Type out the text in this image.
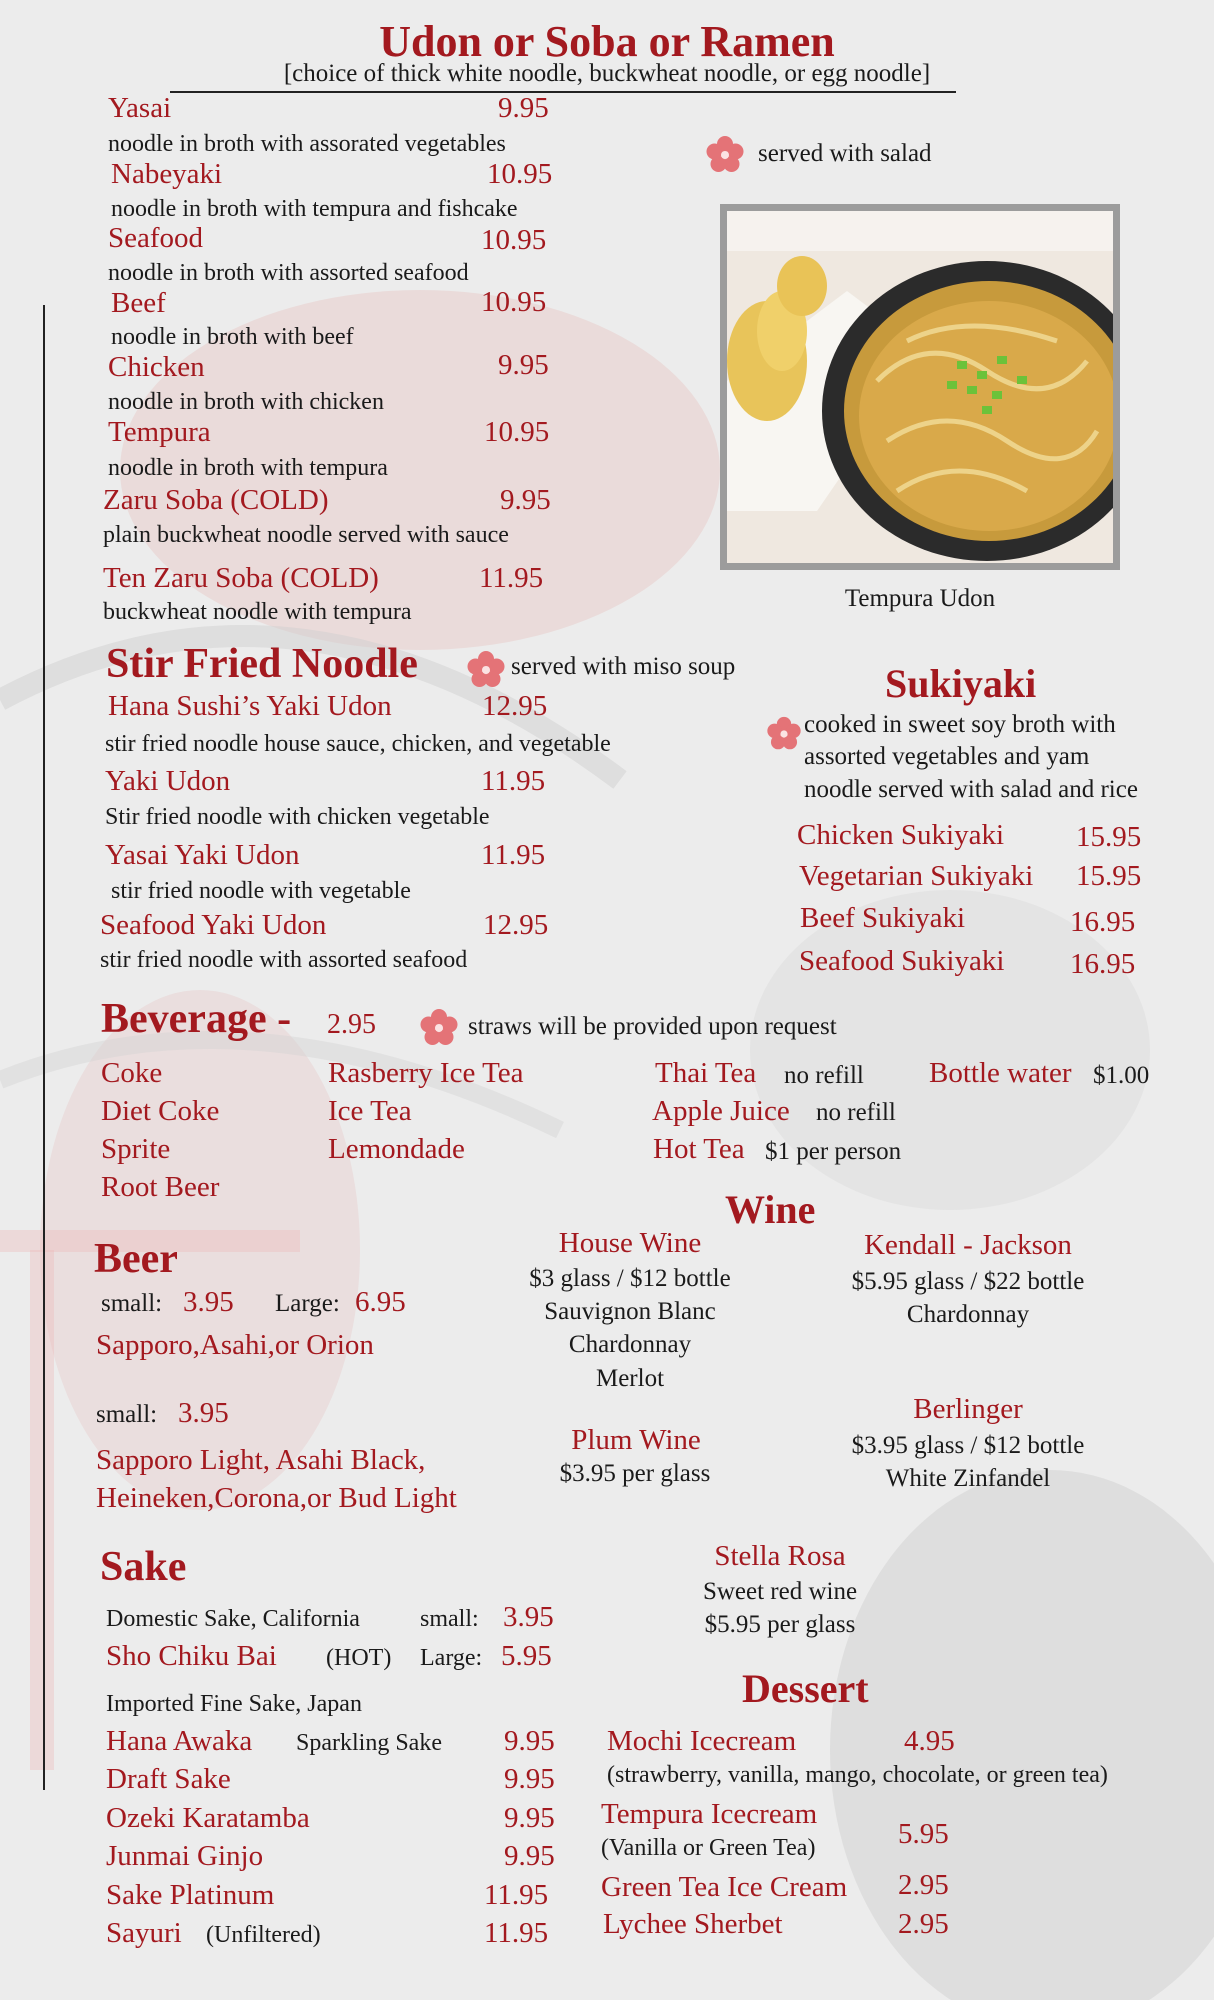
Udon or Soba or Ramen
[choice of thick white noodle, buckwheat noodle, or egg noodle]
Yasai	9.95
noodle in broth with assorated vegetables
Nabeyaki	10.95
noodle in broth with tempura and fishcake
Seafood	10.95
noodle in broth with assorted seafood
Beef	10.95
noodle in broth with beef
Chicken	9.95
noodle in broth with chicken
Tempura	10.95
noodle in broth with tempura
Zaru Soba (COLD)	9.95
plain buckwheat noodle served with sauce
Ten Zaru Soba (COLD)	11.95
buckwheat noodle with tempura
served with salad
Tempura Udon
Stir Fried Noodle	served with miso soup
Hana Sushi’s Yaki Udon	12.95
stir fried noodle house sauce, chicken, and vegetable
Yaki Udon	11.95
Stir fried noodle with chicken vegetable
Yasai Yaki Udon	11.95
stir fried noodle with vegetable
Seafood Yaki Udon	12.95
stir fried noodle with assorted seafood
Sukiyaki
cooked in sweet soy broth with
assorted vegetables and yam
noodle served with salad and rice
Chicken Sukiyaki 15.95
Vegetarian Sukiyaki 15.95
Beef Sukiyaki	16.95
Seafood Sukiyaki 16.95
Beverage - 2.95	straws will be provided upon request
Coke
Diet Coke
Sprite
Root Beer
Rasberry Ice Tea
Ice Tea
Lemondade
Thai Tea no refill
Apple Juice no refill
Hot Tea $1 per person
Bottle water $1.00
Beer
small: 3.95 Large: 6.95
Sapporo,Asahi,or Orion
small: 3.95
Sapporo Light, Asahi Black,
Heineken,Corona,or Bud Light
Wine
House Wine
$3 glass / $12 bottle
Sauvignon Blanc
Chardonnay
Merlot
Kendall - Jackson
$5.95 glass / $22 bottle
Chardonnay
Plum Wine
$3.95 per glass
Berlinger
$3.95 glass / $12 bottle
White Zinfandel
Stella Rosa
Sweet red wine
$5.95 per glass
Sake
Domestic Sake, California	small: 3.95
Sho Chiku Bai (HOT) Large: 5.95
Imported Fine Sake, Japan
Hana Awaka Sparkling Sake 9.95
Draft Sake	9.95
Ozeki Karatamba	9.95
Junmai Ginjo	9.95
Sake Platinum	11.95
Sayuri (Unfiltered)	11.95
Dessert
Mochi Icecream	4.95
(strawberry, vanilla, mango, chocolate, or green tea)
Tempura Icecream
(Vanilla or Green Tea)	5.95
Green Tea Ice Cream 2.95
Lychee Sherbet	2.95
